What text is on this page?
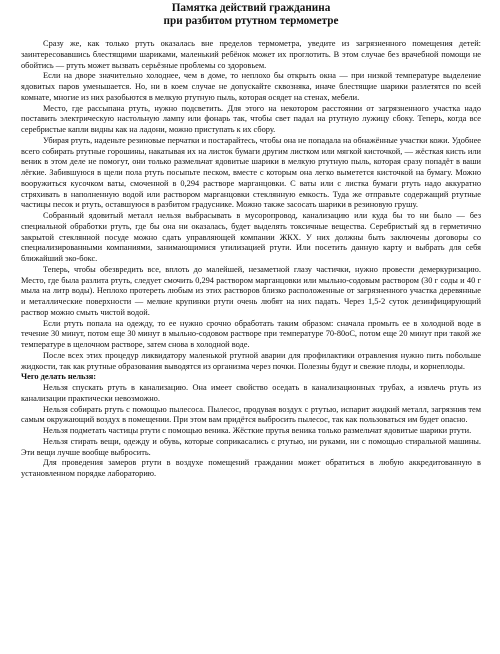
Памятка действий гражданина
при разбитом ртутном термометре

Сразу же, как только ртуть оказалась вне пределов термометра, уведите из загрязненного помещения детей: заинтересовавшись блестящими шариками, маленький ребёнок может их проглотить. В этом случае без врачебной помощи не обойтись — ртуть может вызвать серьёзные проблемы со здоровьем.

Если на дворе значительно холоднее, чем в доме, то неплохо бы открыть окна — при низкой температуре выделение ядовитых паров уменьшается. Но, ни в коем случае не допускайте сквозняка, иначе блестящие шарики разлетятся по всей комнате, многие из них разобьются в мелкую ртутную пыль, которая осядет на стенах, мебели.

Место, где рассыпана ртуть, нужно подсветить. Для этого на некотором расстоянии от загрязненного участка надо поставить электрическую настольную лампу или фонарь так, чтобы свет падал на ртутную лужицу сбоку. Теперь, когда все серебристые капли видны как на ладони, можно приступать к их сбору.

Убирая ртуть, наденьте резиновые перчатки и постарайтесь, чтобы она не попадала на обнажённые участки кожи. Удобнее всего собирать ртутные горошины, накатывая их на листок бумаги другим листком или мягкой кисточкой, — жёсткая кисть или веник в этом деле не помогут, они только размельчат ядовитые шарики в мелкую ртутную пыль, которая сразу попадёт в ваши лёгкие. Забившуюся в щели пола ртуть посыпьте песком, вместе с которым она легко выметется кисточкой на бумагу. Можно вооружиться кусочком ваты, смоченной в 0,294 растворе марганцовки. С ваты или с листка бумаги ртуть надо аккуратно стряхивать в наполненную водой или раствором марганцовки стеклянную емкость. Туда же отправьте содержащий ртутные частицы песок и ртуть, оставшуюся в разбитом градуснике. Можно также засосать шарики в резиновую грушу.

Собранный ядовитый металл нельзя выбрасывать в мусоропровод, канализацию или куда бы то ни было — без специальной обработки ртуть, где бы она ни оказалась, будет выделять токсичные вещества. Серебристый яд в герметично закрытой стеклянной посуде можно сдать управляющей компании ЖКХ. У них должны быть заключены договоры со специализированными компаниями, занимающимися утилизацией ртути. Или посетить данную карту и выбрать для себя ближайший эко-бокс.

Теперь, чтобы обезвредить все, вплоть до малейшей, незаметной глазу частички, нужно провести демеркуризацию. Место, где была разлита ртуть, следует смочить 0,294 раствором марганцовки или мыльно-содовым раствором (30 г соды и 40 г мыла на литр воды). Неплохо протереть любым из этих растворов близко расположенные от загрязненного участка деревянные и металлические поверхности — мелкие крупинки ртути очень любят на них падать. Через 1,5-2 суток дезинфицирующий раствор можно смыть чистой водой.

Если ртуть попала на одежду, то ее нужно срочно обработать таким образом: сначала промыть ее в холодной воде в течение 30 минут, потом еще 30 минут в мыльно-содовом растворе при температуре 70-80оС, потом еще 20 минут при такой же температуре в щелочном растворе, затем снова в холодной воде.

После всех этих процедур ликвидатору маленькой ртутной аварии для профилактики отравления нужно пить побольше жидкости, так как ртутные образования выводятся из организма через почки. Полезны будут и свежие плоды, и корнеплоды.

Чего делать нельзя:

Нельзя спускать ртуть в канализацию. Она имеет свойство оседать в канализационных трубах, а извлечь ртуть из канализации практически невозможно.

Нельзя собирать ртуть с помощью пылесоса. Пылесос, продувая воздух с ртутью, испарит жидкий металл, загрязнив тем самым окружающий воздух в помещении. При этом вам придётся выбросить пылесос, так как пользоваться им будет опасно.

Нельзя подметать частицы ртути с помощью веника. Жёсткие прутья веника только размельчат ядовитые шарики ртути.

Нельзя стирать вещи, одежду и обувь, которые соприкасались с ртутью, ни руками, ни с помощью стиральной машины. Эти вещи лучше вообще выбросить.

Для проведения замеров ртути в воздухе помещений гражданин может обратиться в любую аккредитованную в установленном порядке лабораторию.
